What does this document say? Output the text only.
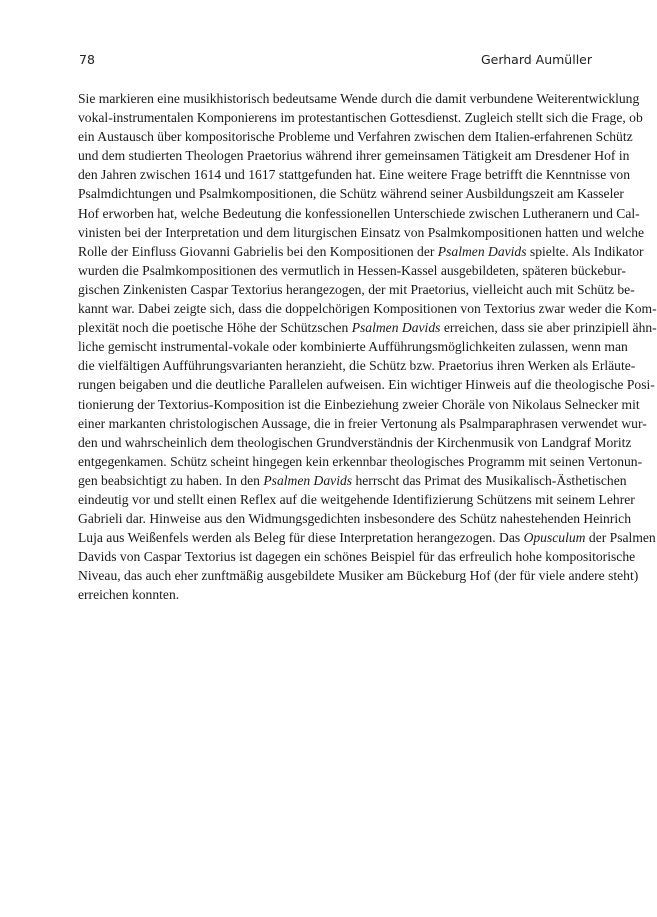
78	Gerhard Aumüller
Sie markieren eine musikhistorisch bedeutsame Wende durch die damit verbundene Weiterentwicklung
vokal-instrumentalen Komponierens im protestantischen Gottesdienst. Zugleich stellt sich die Frage, ob
ein Austausch über kompositorische Probleme und Verfahren zwischen dem Italien-erfahrenen Schütz
und dem studierten Theologen Praetorius während ihrer gemeinsamen Tätigkeit am Dresdener Hof in
den Jahren zwischen 1614 und 1617 stattgefunden hat. Eine weitere Frage betrifft die Kenntnisse von
Psalmdichtungen und Psalmkompositionen, die Schütz während seiner Ausbildungszeit am Kasseler
Hof erworben hat, welche Bedeutung die konfessionellen Unterschiede zwischen Lutheranern und Cal-
vinisten bei der Interpretation und dem liturgischen Einsatz von Psalmkompositionen hatten und welche
Rolle der Einfluss Giovanni Gabrielis bei den Kompositionen der Psalmen Davids spielte. Als Indikator
wurden die Psalmkompositionen des vermutlich in Hessen-Kassel ausgebildeten, späteren bückebur-
gischen Zinkenisten Caspar Textorius herangezogen, der mit Praetorius, vielleicht auch mit Schütz be-
kannt war. Dabei zeigte sich, dass die doppelchörigen Kompositionen von Textorius zwar weder die Kom-
plexität noch die poetische Höhe der Schützschen Psalmen Davids erreichen, dass sie aber prinzipiell ähn-
liche gemischt instrumental-vokale oder kombinierte Aufführungsmöglichkeiten zulassen, wenn man
die vielfältigen Aufführungsvarianten heranzieht, die Schütz bzw. Praetorius ihren Werken als Erläute-
rungen beigaben und die deutliche Parallelen aufweisen. Ein wichtiger Hinweis auf die theologische Posi-
tionierung der Textorius-Komposition ist die Einbeziehung zweier Choräle von Nikolaus Selnecker mit
einer markanten christologischen Aussage, die in freier Vertonung als Psalmparaphrasen verwendet wur-
den und wahrscheinlich dem theologischen Grundverständnis der Kirchenmusik von Landgraf Moritz
entgegenkamen. Schütz scheint hingegen kein erkennbar theologisches Programm mit seinen Vertonun-
gen beabsichtigt zu haben. In den Psalmen Davids herrscht das Primat des Musikalisch-Ästhetischen
eindeutig vor und stellt einen Reflex auf die weitgehende Identifizierung Schützens mit seinem Lehrer
Gabrieli dar. Hinweise aus den Widmungsgedichten insbesondere des Schütz nahestehenden Heinrich
Luja aus Weißenfels werden als Beleg für diese Interpretation herangezogen. Das Opusculum der Psalmen
Davids von Caspar Textorius ist dagegen ein schönes Beispiel für das erfreulich hohe kompositorische
Niveau, das auch eher zunftmäßig ausgebildete Musiker am Bückeburg Hof (der für viele andere steht)
erreichen konnten.
